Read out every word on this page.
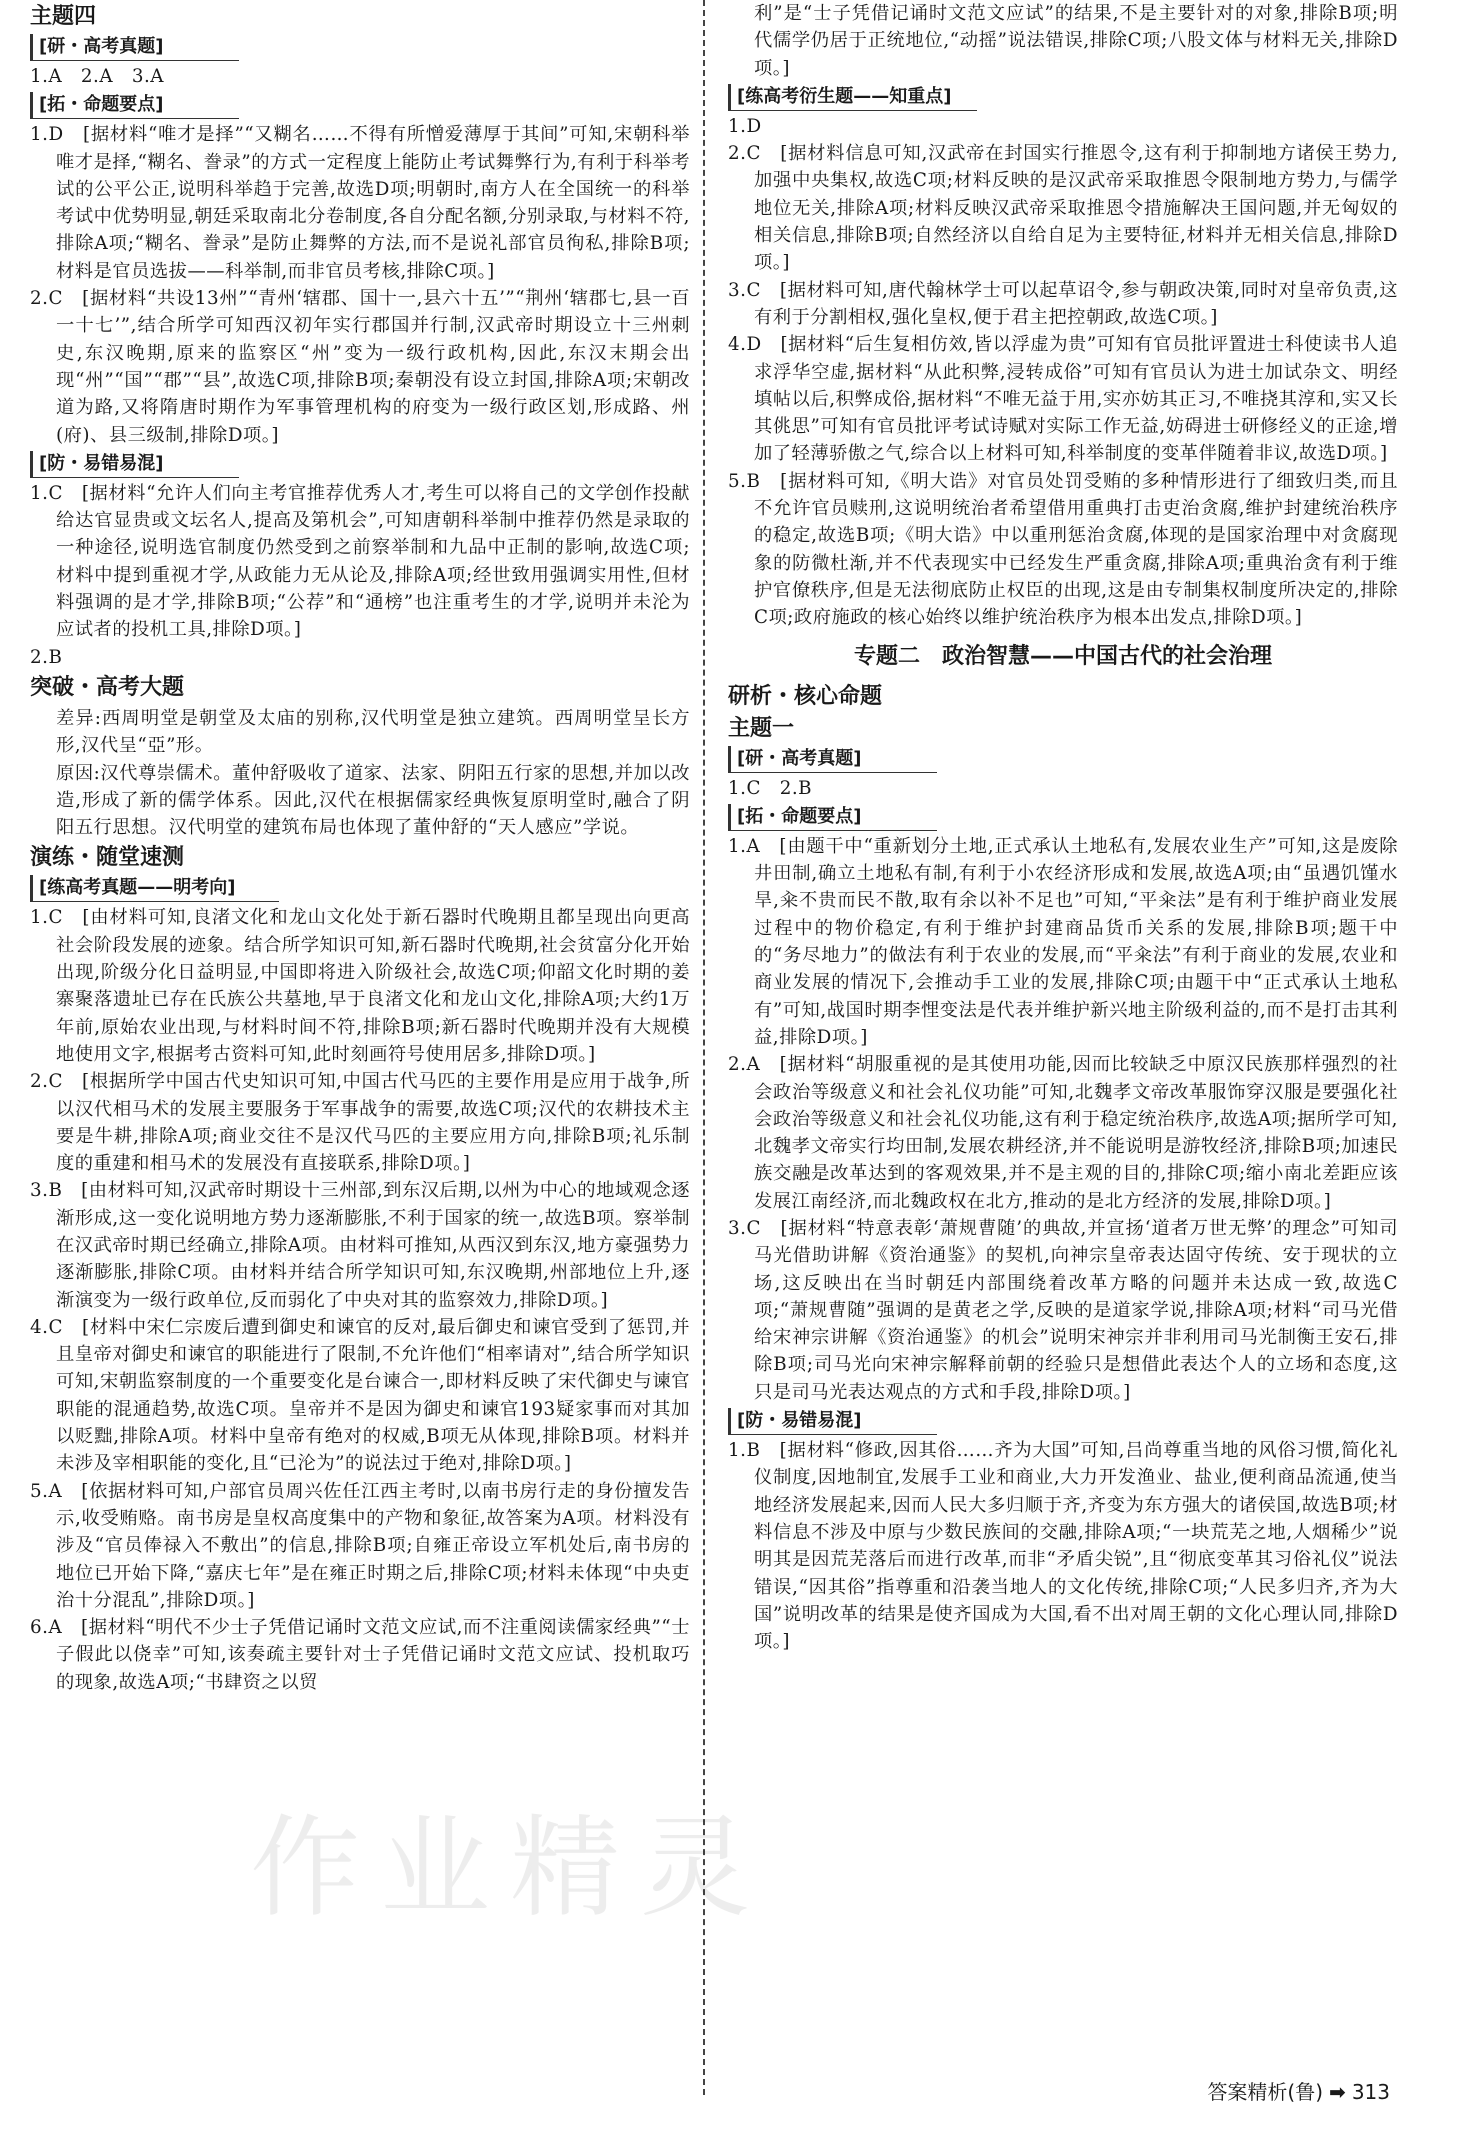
主题四
[研・高考真题]
1.A　2.A　3.A
[拓・命题要点]
1.D　[据材料“唯才是择”“又糊名……不得有所憎爱薄厚于其间”可知,宋朝科举唯才是择,“糊名、誊录”的方式一定程度上能防止考试舞弊行为,有利于科举考试的公平公正,说明科举趋于完善,故选D项;明朝时,南方人在全国统一的科举考试中优势明显,朝廷采取南北分卷制度,各自分配名额,分别录取,与材料不符,排除A项;“糊名、誊录”是防止舞弊的方法,而不是说礼部官员徇私,排除B项;材料是官员选拔——科举制,而非官员考核,排除C项。]
2.C　[据材料“共设13州”“青州‘辖郡、国十一,县六十五’”“荆州‘辖郡七,县一百一十七’”,结合所学可知西汉初年实行郡国并行制,汉武帝时期设立十三州刺史,东汉晚期,原来的监察区“州”变为一级行政机构,因此,东汉末期会出现“州”“国”“郡”“县”,故选C项,排除B项;秦朝没有设立封国,排除A项;宋朝改道为路,又将隋唐时期作为军事管理机构的府变为一级行政区划,形成路、州(府)、县三级制,排除D项。]
[防・易错易混]
1.C　[据材料“允许人们向主考官推荐优秀人才,考生可以将自己的文学创作投献给达官显贵或文坛名人,提高及第机会”,可知唐朝科举制中推荐仍然是录取的一种途径,说明选官制度仍然受到之前察举制和九品中正制的影响,故选C项;材料中提到重视才学,从政能力无从论及,排除A项;经世致用强调实用性,但材料强调的是才学,排除B项;“公荐”和“通榜”也注重考生的才学,说明并未沦为应试者的投机工具,排除D项。]
2.B
突破・高考大题
差异:西周明堂是朝堂及太庙的别称,汉代明堂是独立建筑。西周明堂呈长方形,汉代呈“亞”形。
原因:汉代尊崇儒术。董仲舒吸收了道家、法家、阴阳五行家的思想,并加以改造,形成了新的儒学体系。因此,汉代在根据儒家经典恢复原明堂时,融合了阴阳五行思想。汉代明堂的建筑布局也体现了董仲舒的“天人感应”学说。
演练・随堂速测
[练高考真题——明考向]
1.C　[由材料可知,良渚文化和龙山文化处于新石器时代晚期且都呈现出向更高社会阶段发展的迹象。结合所学知识可知,新石器时代晚期,社会贫富分化开始出现,阶级分化日益明显,中国即将进入阶级社会,故选C项;仰韶文化时期的姜寨聚落遗址已存在氏族公共墓地,早于良渚文化和龙山文化,排除A项;大约1万年前,原始农业出现,与材料时间不符,排除B项;新石器时代晚期并没有大规模地使用文字,根据考古资料可知,此时刻画符号使用居多,排除D项。]
2.C　[根据所学中国古代史知识可知,中国古代马匹的主要作用是应用于战争,所以汉代相马术的发展主要服务于军事战争的需要,故选C项;汉代的农耕技术主要是牛耕,排除A项;商业交往不是汉代马匹的主要应用方向,排除B项;礼乐制度的重建和相马术的发展没有直接联系,排除D项。]
3.B　[由材料可知,汉武帝时期设十三州部,到东汉后期,以州为中心的地域观念逐渐形成,这一变化说明地方势力逐渐膨胀,不利于国家的统一,故选B项。察举制在汉武帝时期已经确立,排除A项。由材料可推知,从西汉到东汉,地方豪强势力逐渐膨胀,排除C项。由材料并结合所学知识可知,东汉晚期,州部地位上升,逐渐演变为一级行政单位,反而弱化了中央对其的监察效力,排除D项。]
4.C　[材料中宋仁宗废后遭到御史和谏官的反对,最后御史和谏官受到了惩罚,并且皇帝对御史和谏官的职能进行了限制,不允许他们“相率请对”,结合所学知识可知,宋朝监察制度的一个重要变化是台谏合一,即材料反映了宋代御史与谏官职能的混通趋势,故选C项。皇帝并不是因为御史和谏官193疑家事而对其加以贬黜,排除A项。材料中皇帝有绝对的权威,B项无从体现,排除B项。材料并未涉及宰相职能的变化,且“已沦为”的说法过于绝对,排除D项。]
5.A　[依据材料可知,户部官员周兴佐任江西主考时,以南书房行走的身份擅发告示,收受贿赂。南书房是皇权高度集中的产物和象征,故答案为A项。材料没有涉及“官员俸禄入不敷出”的信息,排除B项;自雍正帝设立军机处后,南书房的地位已开始下降,“嘉庆七年”是在雍正时期之后,排除C项;材料未体现“中央吏治十分混乱”,排除D项。]
6.A　[据材料“明代不少士子凭借记诵时文范文应试,而不注重阅读儒家经典”“士子假此以侥幸”可知,该奏疏主要针对士子凭借记诵时文范文应试、投机取巧的现象,故选A项;“书肆资之以贸
利”是“士子凭借记诵时文范文应试”的结果,不是主要针对的对象,排除B项;明代儒学仍居于正统地位,“动摇”说法错误,排除C项;八股文体与材料无关,排除D项。]
[练高考衍生题——知重点]
1.D
2.C　[据材料信息可知,汉武帝在封国实行推恩令,这有利于抑制地方诸侯王势力,加强中央集权,故选C项;材料反映的是汉武帝采取推恩令限制地方势力,与儒学地位无关,排除A项;材料反映汉武帝采取推恩令措施解决王国问题,并无匈奴的相关信息,排除B项;自然经济以自给自足为主要特征,材料并无相关信息,排除D项。]
3.C　[据材料可知,唐代翰林学士可以起草诏令,参与朝政决策,同时对皇帝负责,这有利于分割相权,强化皇权,便于君主把控朝政,故选C项。]
4.D　[据材料“后生复相仿效,皆以浮虚为贵”可知有官员批评置进士科使读书人追求浮华空虚,据材料“从此积弊,浸转成俗”可知有官员认为进士加试杂文、明经填帖以后,积弊成俗,据材料“不唯无益于用,实亦妨其正习,不唯挠其淳和,实又长其佻思”可知有官员批评考试诗赋对实际工作无益,妨碍进士研修经义的正途,增加了轻薄骄傲之气,综合以上材料可知,科举制度的变革伴随着非议,故选D项。]
5.B　[据材料可知,《明大诰》对官员处罚受贿的多种情形进行了细致归类,而且不允许官员赎刑,这说明统治者希望借用重典打击吏治贪腐,维护封建统治秩序的稳定,故选B项;《明大诰》中以重刑惩治贪腐,体现的是国家治理中对贪腐现象的防微杜渐,并不代表现实中已经发生严重贪腐,排除A项;重典治贪有利于维护官僚秩序,但是无法彻底防止权臣的出现,这是由专制集权制度所决定的,排除C项;政府施政的核心始终以维护统治秩序为根本出发点,排除D项。]
专题二　政治智慧——中国古代的社会治理
研析・核心命题
主题一
[研・高考真题]
1.C　2.B
[拓・命题要点]
1.A　[由题干中“重新划分土地,正式承认土地私有,发展农业生产”可知,这是废除井田制,确立土地私有制,有利于小农经济形成和发展,故选A项;由“虽遇饥馑水旱,籴不贵而民不散,取有余以补不足也”可知,“平籴法”是有利于维护商业发展过程中的物价稳定,有利于维护封建商品货币关系的发展,排除B项;题干中的“务尽地力”的做法有利于农业的发展,而“平籴法”有利于商业的发展,农业和商业发展的情况下,会推动手工业的发展,排除C项;由题干中“正式承认土地私有”可知,战国时期李悝变法是代表并维护新兴地主阶级利益的,而不是打击其利益,排除D项。]
2.A　[据材料“胡服重视的是其使用功能,因而比较缺乏中原汉民族那样强烈的社会政治等级意义和社会礼仪功能”可知,北魏孝文帝改革服饰穿汉服是要强化社会政治等级意义和社会礼仪功能,这有利于稳定统治秩序,故选A项;据所学可知,北魏孝文帝实行均田制,发展农耕经济,并不能说明是游牧经济,排除B项;加速民族交融是改革达到的客观效果,并不是主观的目的,排除C项;缩小南北差距应该发展江南经济,而北魏政权在北方,推动的是北方经济的发展,排除D项。]
3.C　[据材料“特意表彰‘萧规曹随’的典故,并宣扬‘道者万世无弊’的理念”可知司马光借助讲解《资治通鉴》的契机,向神宗皇帝表达固守传统、安于现状的立场,这反映出在当时朝廷内部围绕着改革方略的问题并未达成一致,故选C项;“萧规曹随”强调的是黄老之学,反映的是道家学说,排除A项;材料“司马光借给宋神宗讲解《资治通鉴》的机会”说明宋神宗并非利用司马光制衡王安石,排除B项;司马光向宋神宗解释前朝的经验只是想借此表达个人的立场和态度,这只是司马光表达观点的方式和手段,排除D项。]
[防・易错易混]
1.B　[据材料“修政,因其俗……齐为大国”可知,吕尚尊重当地的风俗习惯,简化礼仪制度,因地制宜,发展手工业和商业,大力开发渔业、盐业,便利商品流通,使当地经济发展起来,因而人民大多归顺于齐,齐变为东方强大的诸侯国,故选B项;材料信息不涉及中原与少数民族间的交融,排除A项;“一块荒芜之地,人烟稀少”说明其是因荒芜落后而进行改革,而非“矛盾尖锐”,且“彻底变革其习俗礼仪”说法错误,“因其俗”指尊重和沿袭当地人的文化传统,排除C项;“人民多归齐,齐为大国”说明改革的结果是使齐国成为大国,看不出对周王朝的文化心理认同,排除D项。]
作业精灵
答案精析(鲁) ➡ 313
